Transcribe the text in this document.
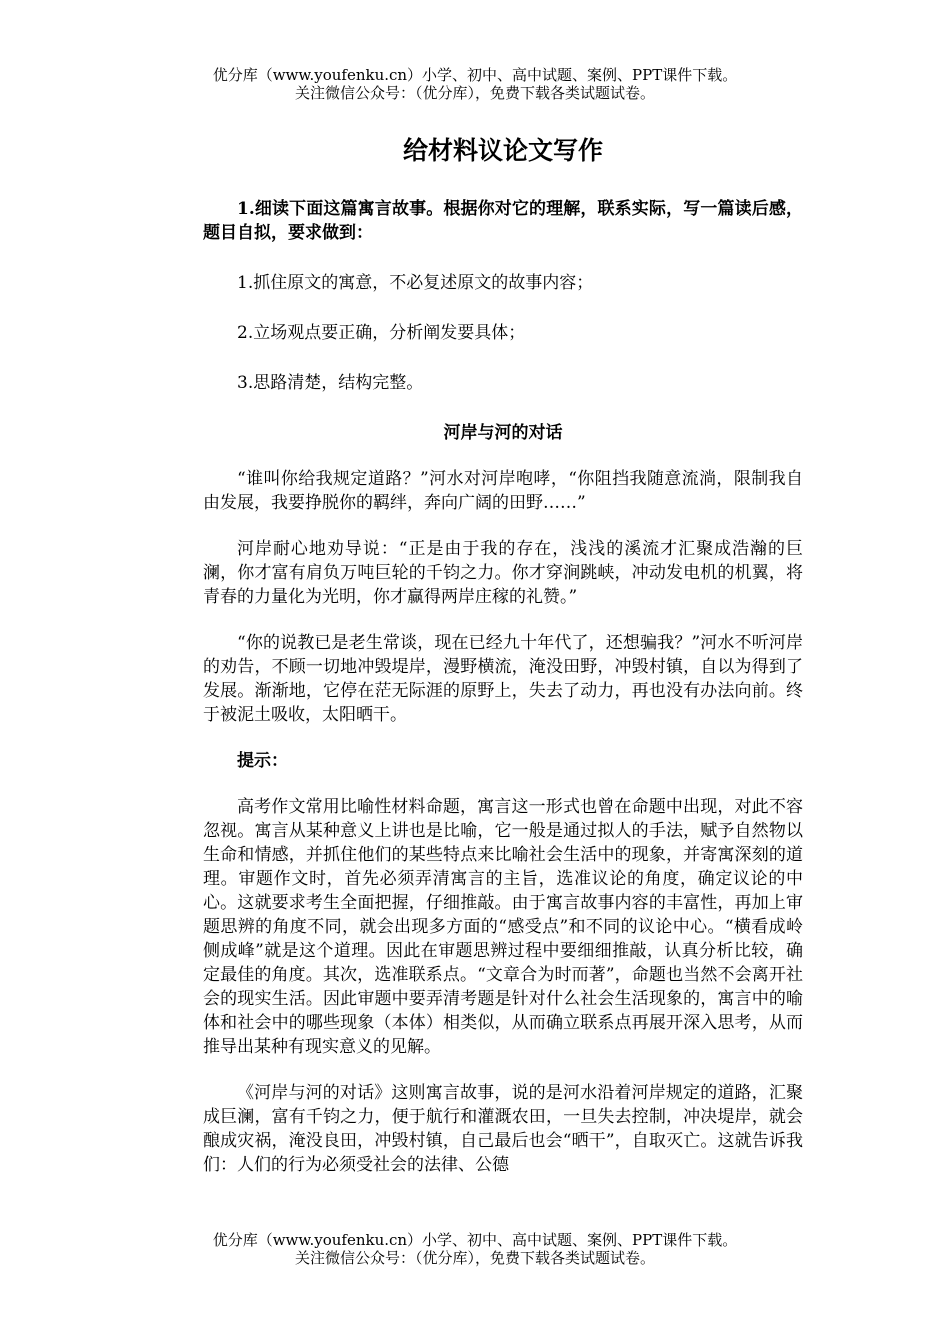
优分库（www.youfenku.cn）小学、初中、高中试题、案例、PPT课件下载。
关注微信公众号：（优分库），免费下载各类试题试卷。
给材料议论文写作
1.细读下面这篇寓言故事。根据你对它的理解，联系实际，写一篇读后感，题目自拟，要求做到：
1.抓住原文的寓意，不必复述原文的故事内容；
2.立场观点要正确，分析阐发要具体；
3.思路清楚，结构完整。
河岸与河的对话
“谁叫你给我规定道路？”河水对河岸咆哮，“你阻挡我随意流淌，限制我自由发展，我要挣脱你的羁绊，奔向广阔的田野……”
河岸耐心地劝导说：“正是由于我的存在，浅浅的溪流才汇聚成浩瀚的巨澜，你才富有肩负万吨巨轮的千钧之力。你才穿涧跳峡，冲动发电机的机翼，将青春的力量化为光明，你才赢得两岸庄稼的礼赞。”
“你的说教已是老生常谈，现在已经九十年代了，还想骗我？”河水不听河岸的劝告，不顾一切地冲毁堤岸，漫野横流，淹没田野，冲毁村镇，自以为得到了发展。渐渐地，它停在茫无际涯的原野上，失去了动力，再也没有办法向前。终于被泥土吸收，太阳晒干。
提示：
高考作文常用比喻性材料命题，寓言这一形式也曾在命题中出现，对此不容忽视。寓言从某种意义上讲也是比喻，它一般是通过拟人的手法，赋予自然物以生命和情感，并抓住他们的某些特点来比喻社会生活中的现象，并寄寓深刻的道理。审题作文时，首先必须弄清寓言的主旨，选准议论的角度，确定议论的中心。这就要求考生全面把握，仔细推敲。由于寓言故事内容的丰富性，再加上审题思辨的角度不同，就会出现多方面的“感受点”和不同的议论中心。“横看成岭侧成峰”就是这个道理。因此在审题思辨过程中要细细推敲，认真分析比较，确定最佳的角度。其次，选准联系点。“文章合为时而著”，命题也当然不会离开社会的现实生活。因此审题中要弄清考题是针对什么社会生活现象的，寓言中的喻体和社会中的哪些现象（本体）相类似，从而确立联系点再展开深入思考，从而推导出某种有现实意义的见解。
《河岸与河的对话》这则寓言故事，说的是河水沿着河岸规定的道路，汇聚成巨澜，富有千钧之力，便于航行和灌溉农田，一旦失去控制，冲决堤岸，就会酿成灾祸，淹没良田，冲毁村镇，自己最后也会“晒干”，自取灭亡。这就告诉我们：人们的行为必须受社会的法律、公德
优分库（www.youfenku.cn）小学、初中、高中试题、案例、PPT课件下载。
关注微信公众号：（优分库），免费下载各类试题试卷。
